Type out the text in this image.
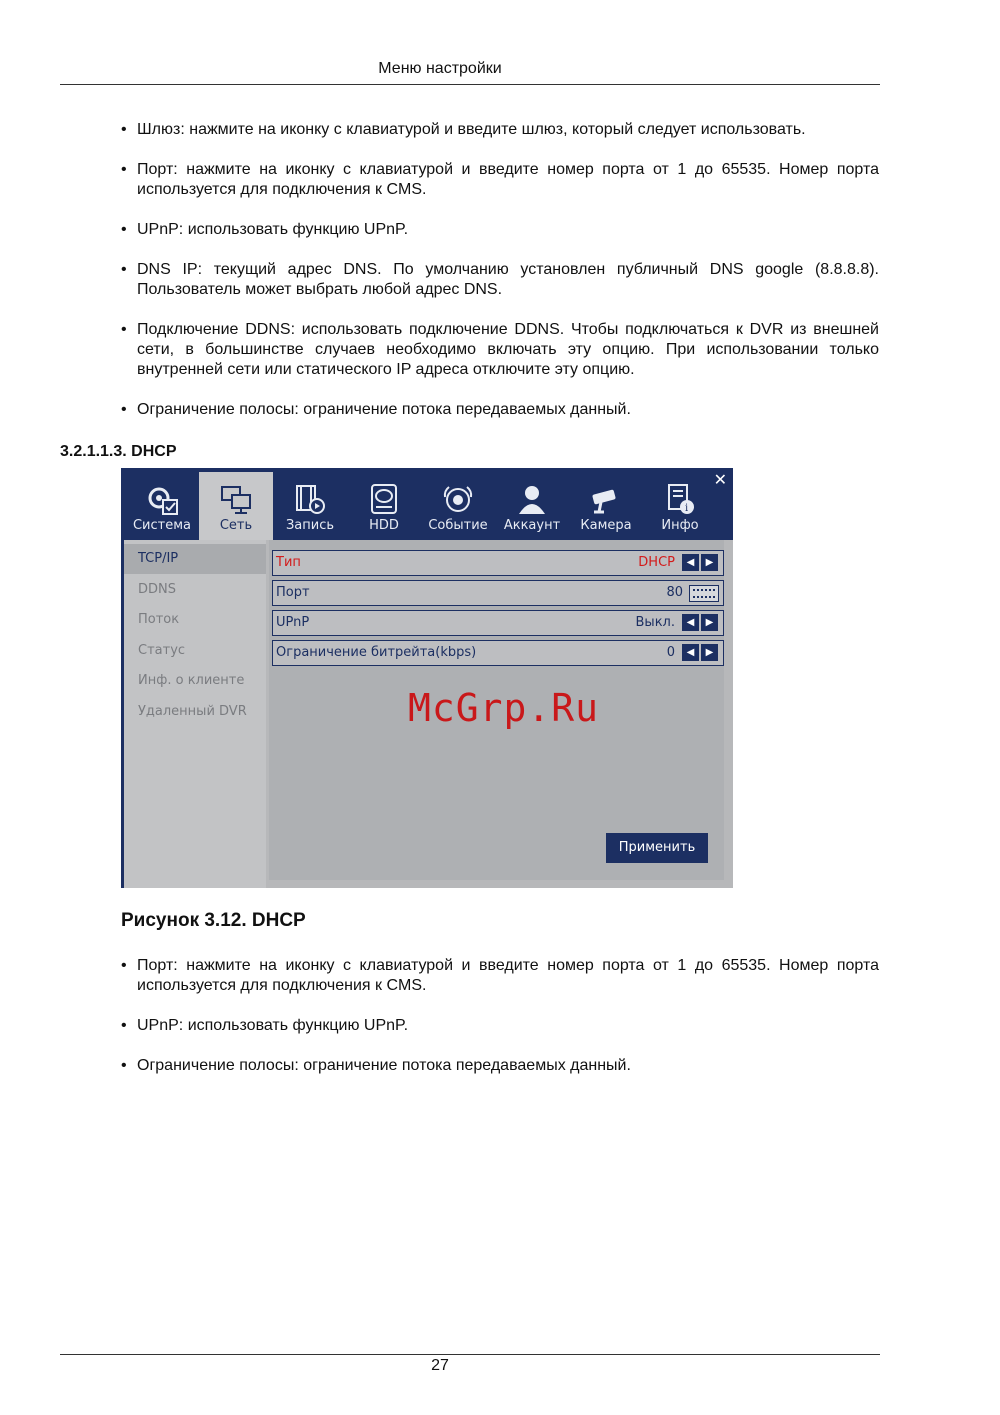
Меню настройки
• Шлюз: нажмите на иконку с клавиатурой и введите шлюз, который следует использовать.
• Порт: нажмите на иконку с клавиатурой и введите номер порта от 1 до 65535. Номер порта используется для подключения к CMS.
• UPnP: использовать функцию UPnP.
• DNS IP: текущий адрес DNS. По умолчанию установлен публичный DNS google (8.8.8.8). Пользователь может выбрать любой адрес DNS.
• Подключение DDNS: использовать подключение DDNS. Чтобы подключаться к DVR из внешней сети, в большинстве случаев необходимо включать эту опцию. При использовании только внутренней сети или статического IP адреса отключите эту опцию.
• Ограничение полосы: ограничение потока передаваемых данный.
3.2.1.1.3. DHCP
Система	Сеть	Запись	HDD	Событие	Аккаунт	Камера
i
Инфо
✕
TCP/IP
DDNS
Поток
Статус
Инф. о клиенте
Удаленный DVR
Тип	DHCP	◀ ▶
Порт	80
UPnP	Выкл.	◀ ▶
Ограничение битрейта(kbps)	0	◀ ▶
Применить
McGrp.Ru
Рисунок 3.12. DHCP
• Порт: нажмите на иконку с клавиатурой и введите номер порта от 1 до 65535. Номер порта используется для подключения к CMS.
• UPnP: использовать функцию UPnP.
• Ограничение полосы: ограничение потока передаваемых данный.
27
